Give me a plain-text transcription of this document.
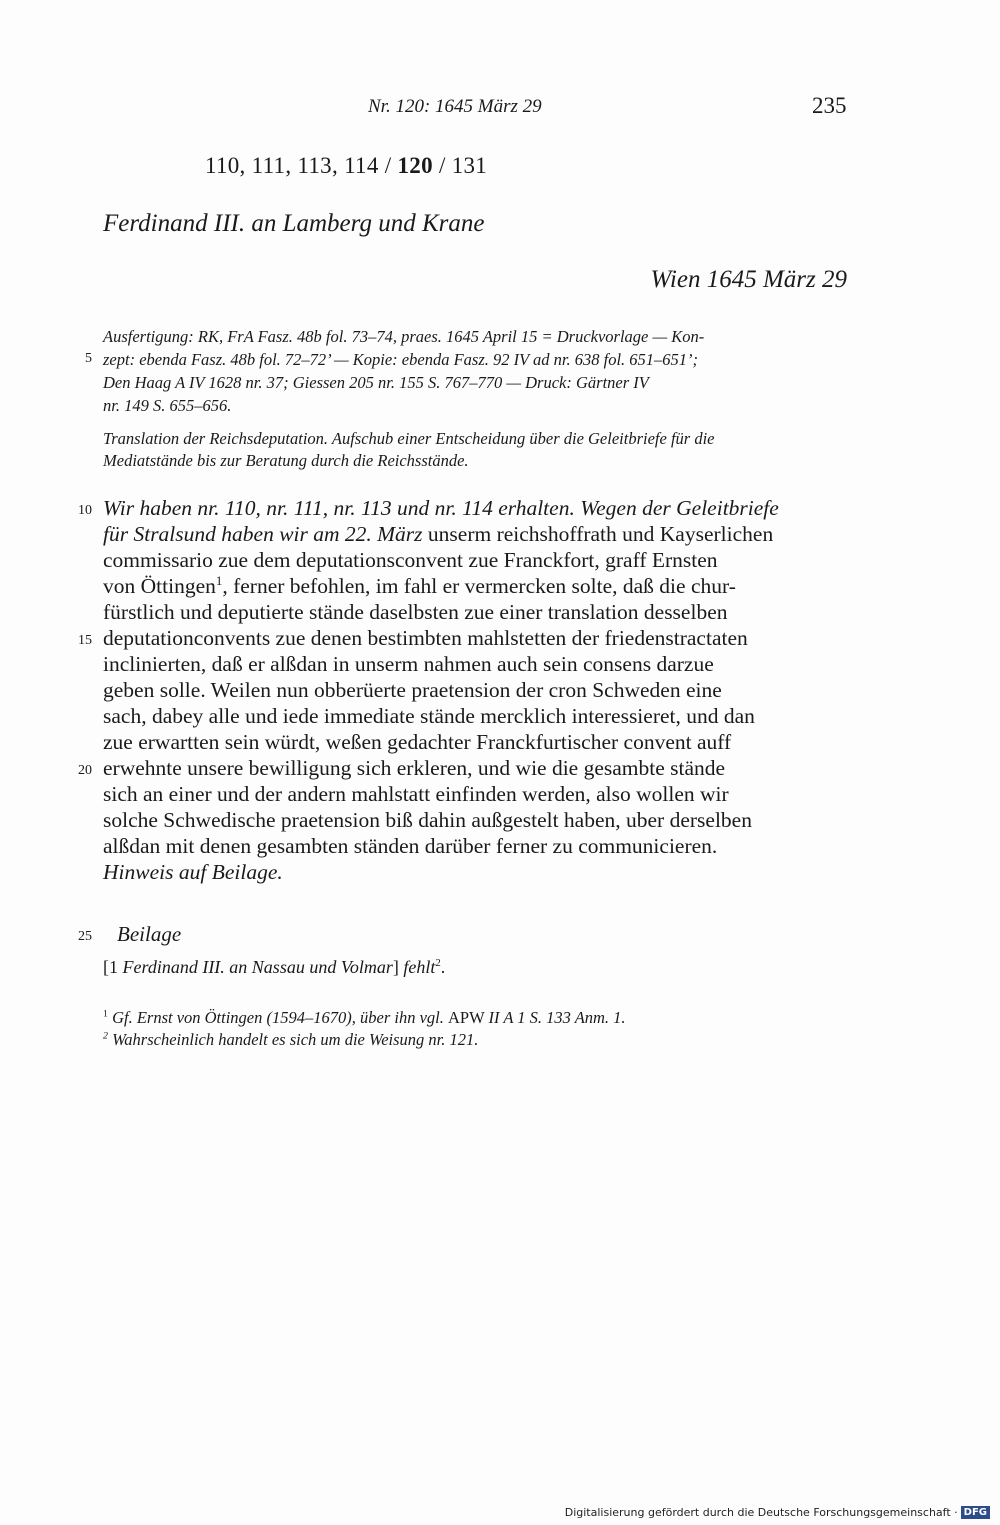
Nr. 120: 1645 März 29	235
110, 111, 113, 114 / 120 / 131
Ferdinand III. an Lamberg und Krane
Wien 1645 März 29
Ausfertigung: RK, FrA Fasz. 48b fol. 73–74, praes. 1645 April 15 = Druckvorlage — Kon-
5 zept: ebenda Fasz. 48b fol. 72–72’ — Kopie: ebenda Fasz. 92 IV ad nr. 638 fol. 651–651’;
Den Haag A IV 1628 nr. 37; Giessen 205 nr. 155 S. 767–770 — Druck: Gärtner IV
nr. 149 S. 655–656.
Translation der Reichsdeputation. Aufschub einer Entscheidung über die Geleitbriefe für die
Mediatstände bis zur Beratung durch die Reichsstände.
10 Wir haben nr. 110, nr. 111, nr. 113 und nr. 114 erhalten. Wegen der Geleitbriefe
für Stralsund haben wir am 22. März unserm reichshoffrath und Kayserlichen
commissario zue dem deputationsconvent zue Franckfort, graff Ernsten
von Öttingen$^1$, ferner befohlen, im fahl er vermercken solte, daß die chur-
fürstlich und deputierte stände daselbsten zue einer translation desselben
15 deputationconvents zue denen bestimbten mahlstetten der friedenstractaten
inclinierten, daß er alßdan in unserm nahmen auch sein consens darzue
geben solle. Weilen nun obberüerte praetension der cron Schweden eine
sach, dabey alle und iede immediate stände mercklich interessieret, und dan
zue erwartten sein würdt, weßen gedachter Franckfurtischer convent auff
20 erwehnte unsere bewilligung sich erkleren, und wie die gesambte stände
sich an einer und der andern mahlstatt einfinden werden, also wollen wir
solche Schwedische praetension biß dahin außgestelt haben, uber derselben
alßdan mit denen gesambten ständen darüber ferner zu communicieren.
Hinweis auf Beilage.
25 Beilage
[1 Ferdinand III. an Nassau und Volmar] fehlt$^2$.
$^1$ Gf. Ernst von Öttingen (1594–1670), über ihn vgl. APW II A 1 S. 133 Anm. 1.
$^2$ Wahrscheinlich handelt es sich um die Weisung nr. 121.
Digitalisierung gefördert durch die Deutsche Forschungsgemeinschaft · DFG
